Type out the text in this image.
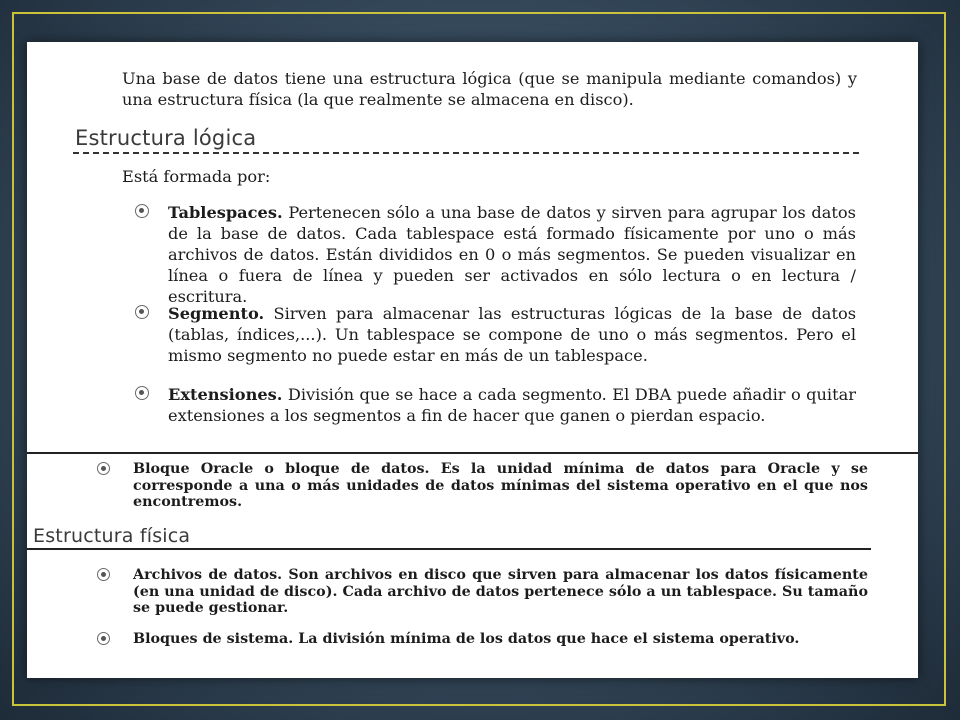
Una base de datos tiene una estructura lógica (que se manipula mediante comandos) y una estructura física (la que realmente se almacena en disco).
Estructura lógica
Está formada por:
Tablespaces. Pertenecen sólo a una base de datos y sirven para agrupar los datos de la base de datos. Cada tablespace está formado físicamente por uno o más archivos de datos. Están divididos en 0 o más segmentos. Se pueden visualizar en línea o fuera de línea y pueden ser activados en sólo lectura o en lectura / escritura.
Segmento. Sirven para almacenar las estructuras lógicas de la base de datos (tablas, índices,...). Un tablespace se compone de uno o más segmentos. Pero el mismo segmento no puede estar en más de un tablespace.
Extensiones. División que se hace a cada segmento. El DBA puede añadir o quitar extensiones a los segmentos a fin de hacer que ganen o pierdan espacio.
Bloque Oracle o bloque de datos. Es la unidad mínima de datos para Oracle y se corresponde a una o más unidades de datos mínimas del sistema operativo en el que nos encontremos.
Estructura física
Archivos de datos. Son archivos en disco que sirven para almacenar los datos físicamente (en una unidad de disco). Cada archivo de datos pertenece sólo a un tablespace. Su tamaño se puede gestionar.
Bloques de sistema. La división mínima de los datos que hace el sistema operativo.
